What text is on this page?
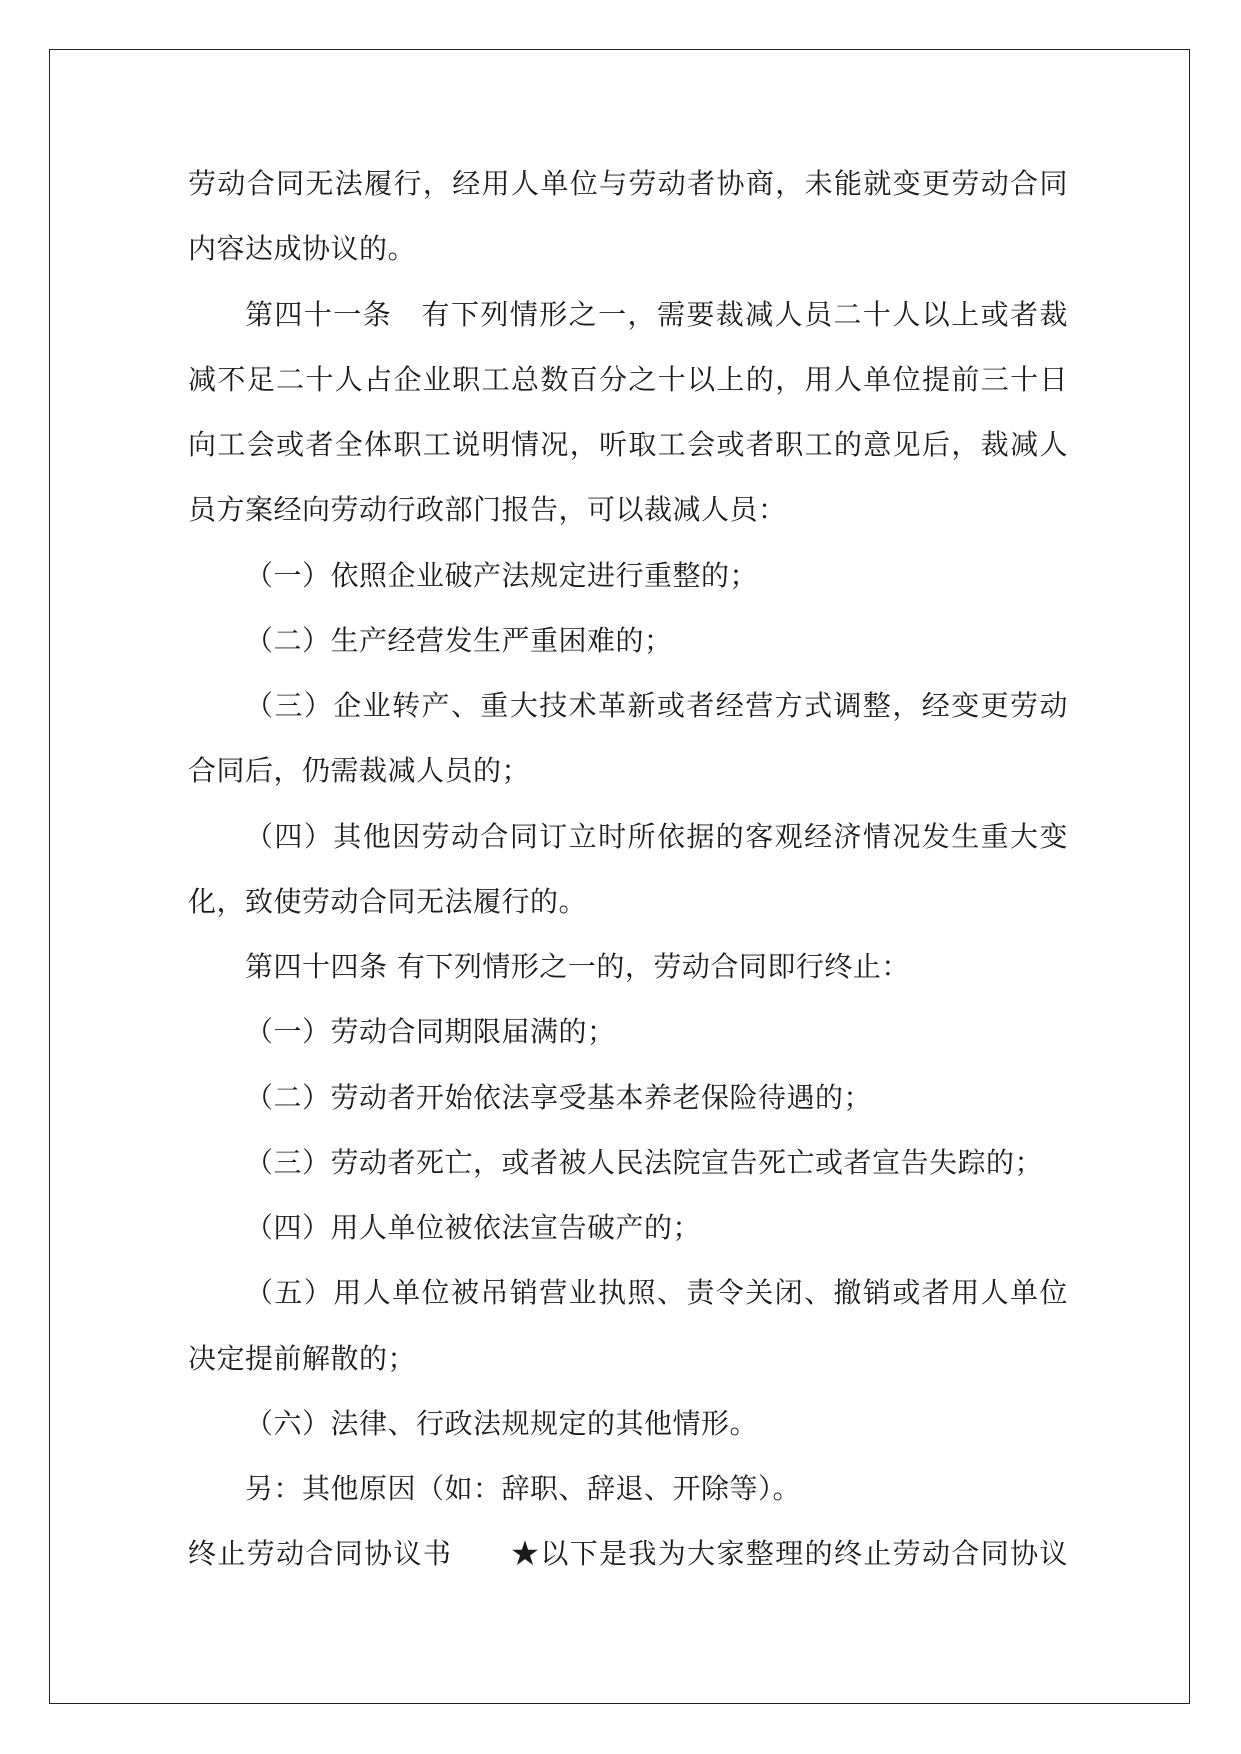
劳动合同无法履行，经用人单位与劳动者协商，未能就变更劳动合同
内容达成协议的。
第四十一条　有下列情形之一，需要裁减人员二十人以上或者裁
减不足二十人占企业职工总数百分之十以上的，用人单位提前三十日
向工会或者全体职工说明情况，听取工会或者职工的意见后，裁减人
员方案经向劳动行政部门报告，可以裁减人员：
（一）依照企业破产法规定进行重整的；
（二）生产经营发生严重困难的；
（三）企业转产、重大技术革新或者经营方式调整，经变更劳动
合同后，仍需裁减人员的；
（四）其他因劳动合同订立时所依据的客观经济情况发生重大变
化，致使劳动合同无法履行的。
第四十四条 有下列情形之一的，劳动合同即行终止：
（一）劳动合同期限届满的；
（二）劳动者开始依法享受基本养老保险待遇的；
（三）劳动者死亡，或者被人民法院宣告死亡或者宣告失踪的；
（四）用人单位被依法宣告破产的；
（五）用人单位被吊销营业执照、责令关闭、撤销或者用人单位
决定提前解散的；
（六）法律、行政法规规定的其他情形。
另：其他原因（如：辞职、辞退、开除等）。
终止劳动合同协议书　　★以下是我为大家整理的终止劳动合同协议
